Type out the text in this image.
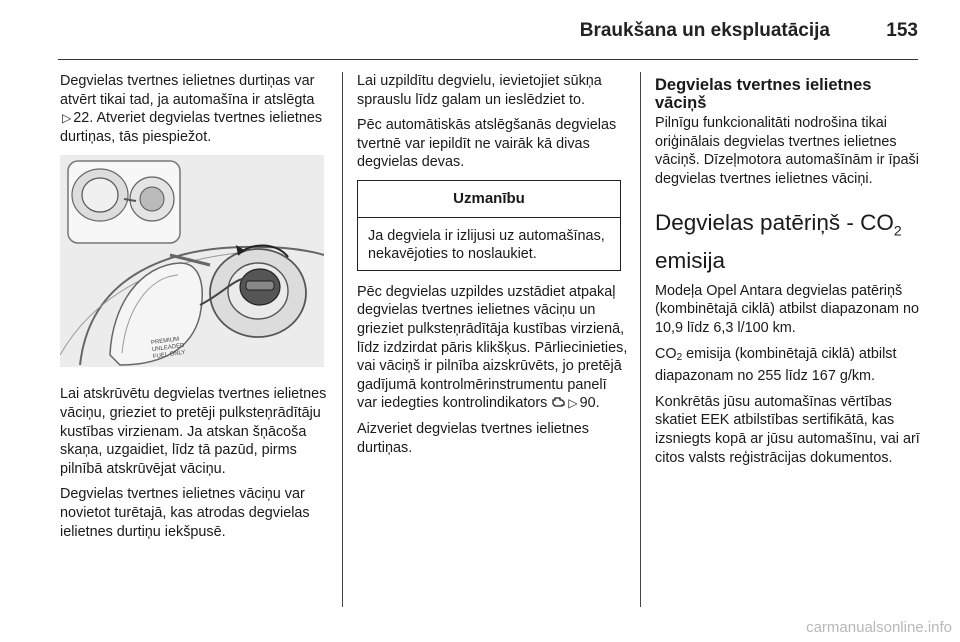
Braukšana un ekspluatācija	153

Degvielas tvertnes ielietnes durtiņas var atvērt tikai tad, ja automašīna ir atslēgta ▷ 22. Atveriet degvielas tvertnes ielietnes durtiņas, tās piespiežot.

PREMIUM
UNLEADED
FUEL ONLY

Lai atskrūvētu degvielas tvertnes ielietnes vāciņu, grieziet to pretēji pulksteņrādītāju kustības virzienam. Ja atskan šņācoša skaņa, uzgaidiet, līdz tā pazūd, pirms pilnībā atskrūvējat vāciņu.

Degvielas tvertnes ielietnes vāciņu var novietot turētajā, kas atrodas degvielas ielietnes durtiņu iekšpusē.

Lai uzpildītu degvielu, ievietojiet sūkņa sprauslu līdz galam un ieslēdziet to.

Pēc automātiskās atslēgšanās degvielas tvertnē var iepildīt ne vairāk kā divas degvielas devas.

Uzmanību
Ja degviela ir izlijusi uz automašīnas, nekavējoties to noslaukiet.

Pēc degvielas uzpildes uzstādiet atpakaļ degvielas tvertnes ielietnes vāciņu un grieziet pulksteņrādītāja kustības virzienā, līdz izdzirdat pāris klikšķus. Pārliecinieties, vai vāciņš ir pilnība aizskrūvēts, jo pretējā gadījumā kontrolmērinstrumentu panelī var iedegties kontrolindikators ▷ 90.

Aizveriet degvielas tvertnes ielietnes durtiņas.

Degvielas tvertnes ielietnes vāciņš

Pilnīgu funkcionalitāti nodrošina tikai oriģinālais degvielas tvertnes ielietnes vāciņš. Dīzeļmotora automašīnām ir īpaši degvielas tvertnes ielietnes vāciņi.

Degvielas patēriņš - $CO_2$
emisija

Modeļa Opel Antara degvielas patēriņš (kombinētajā ciklā) atbilst diapazonam no 10,9 līdz 6,3 l/100 km.

$CO_2$ emisija (kombinētajā ciklā) atbilst diapazonam no 255 līdz 167 g/km.

Konkrētās jūsu automašīnas vērtības skatiet EEK atbilstības sertifikātā, kas izsniegts kopā ar jūsu automašīnu, vai arī citos valsts reģistrācijas dokumentos.

carmanualsonline.info
